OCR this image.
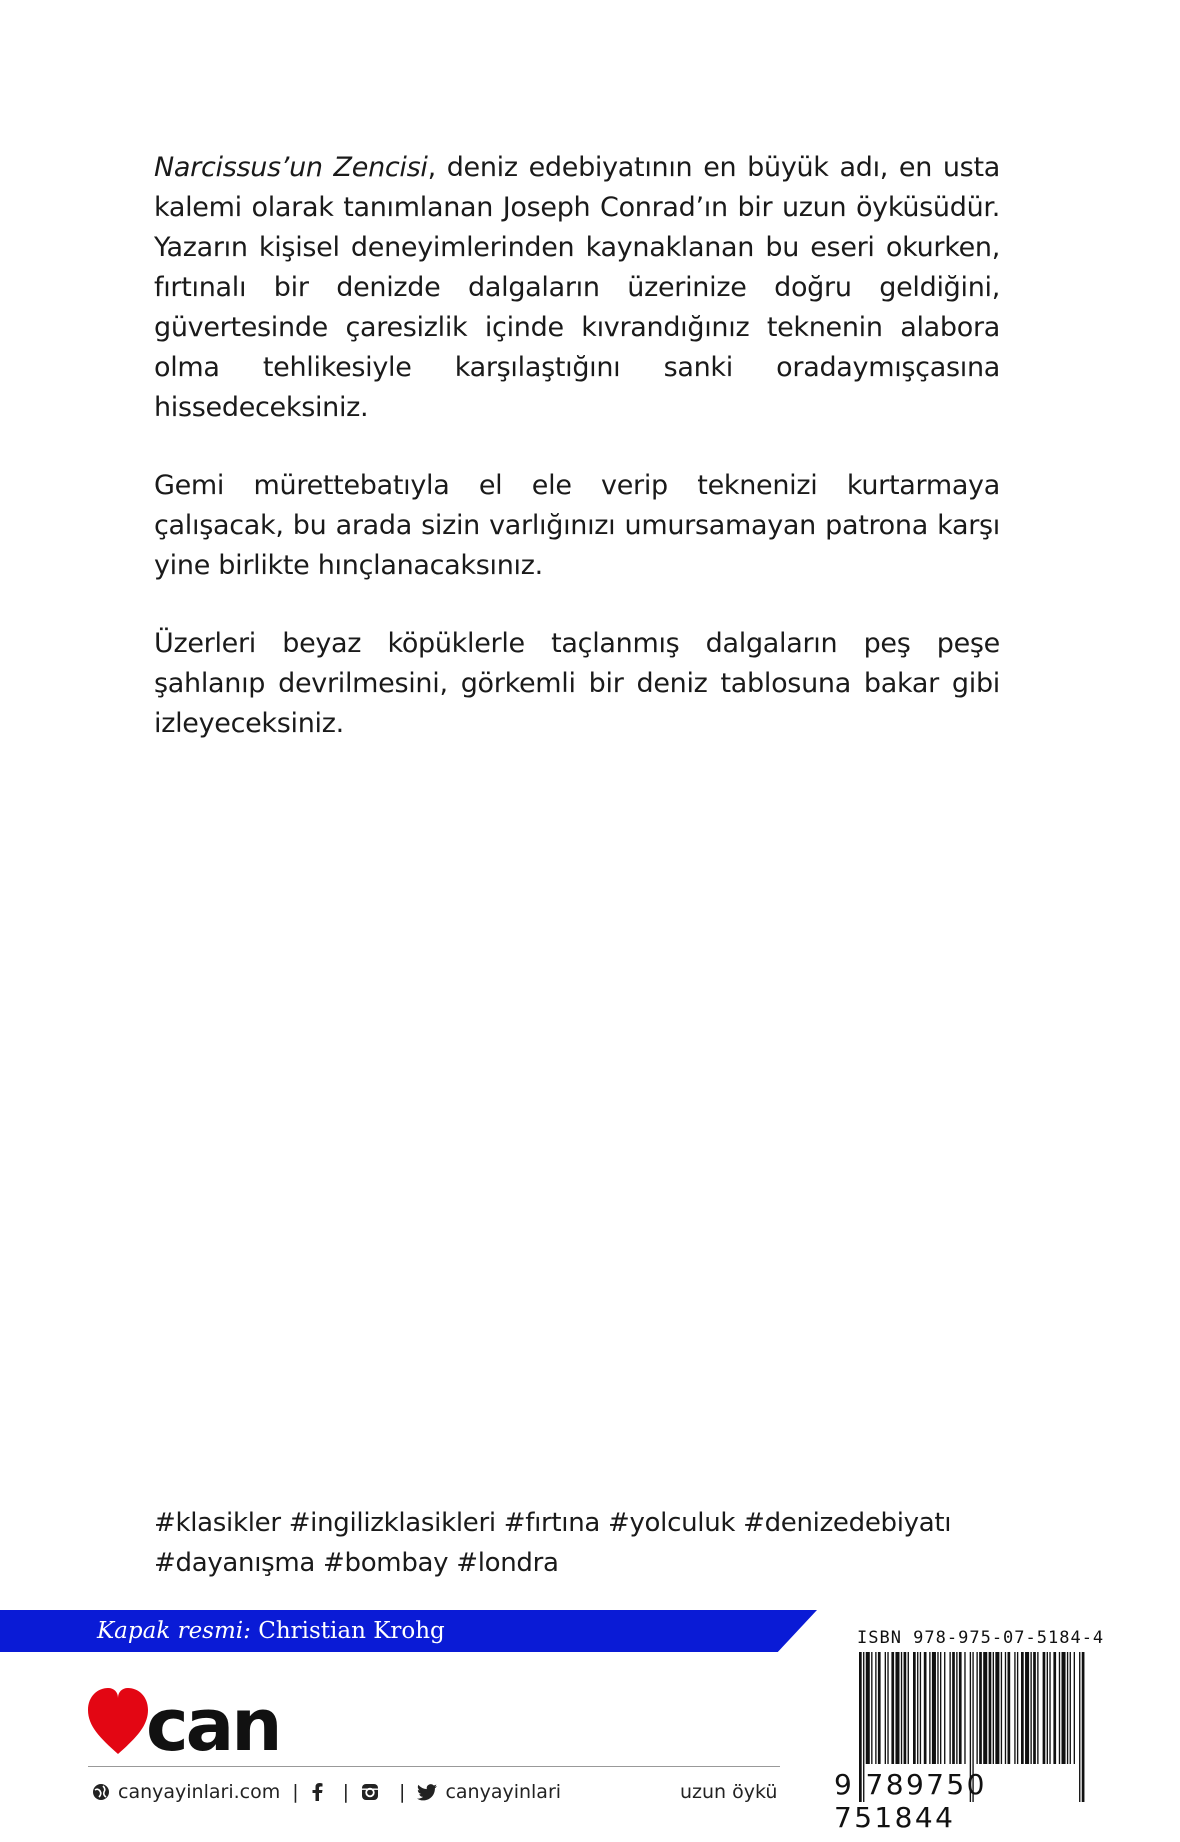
Narcissus’un Zencisi, deniz edebiyatının en büyük adı, en usta kalemi olarak tanımlanan Joseph Conrad’ın bir uzun öyküsüdür. Yazarın kişisel deneyimlerinden kaynaklanan bu eseri okurken, fırtınalı bir denizde dalgaların üzerinize doğru geldiğini, güvertesinde çaresizlik içinde kıvrandığınız teknenin alabora olma tehlikesiyle karşılaştığını sanki oradaymışçasına hissedeceksiniz.

Gemi mürettebatıyla el ele verip teknenizi kurtarmaya çalışacak, bu arada sizin varlığınızı umursamayan patrona karşı yine birlikte hınçlanacaksınız.

Üzerleri beyaz köpüklerle taçlanmış dalgaların peş peşe şahlanıp devrilmesini, görkemli bir deniz tablosuna bakar gibi izleyeceksiniz.

#klasikler #ingilizklasikleri #fırtına #yolculuk #denizedebiyatı #dayanışma #bombay #londra
Kapak resmi: Christian Krohg
can
canyayinlari.com | |	| canyayinlari	uzun öykü
ISBN 978-975-07-5184-4
9 789750 751844
